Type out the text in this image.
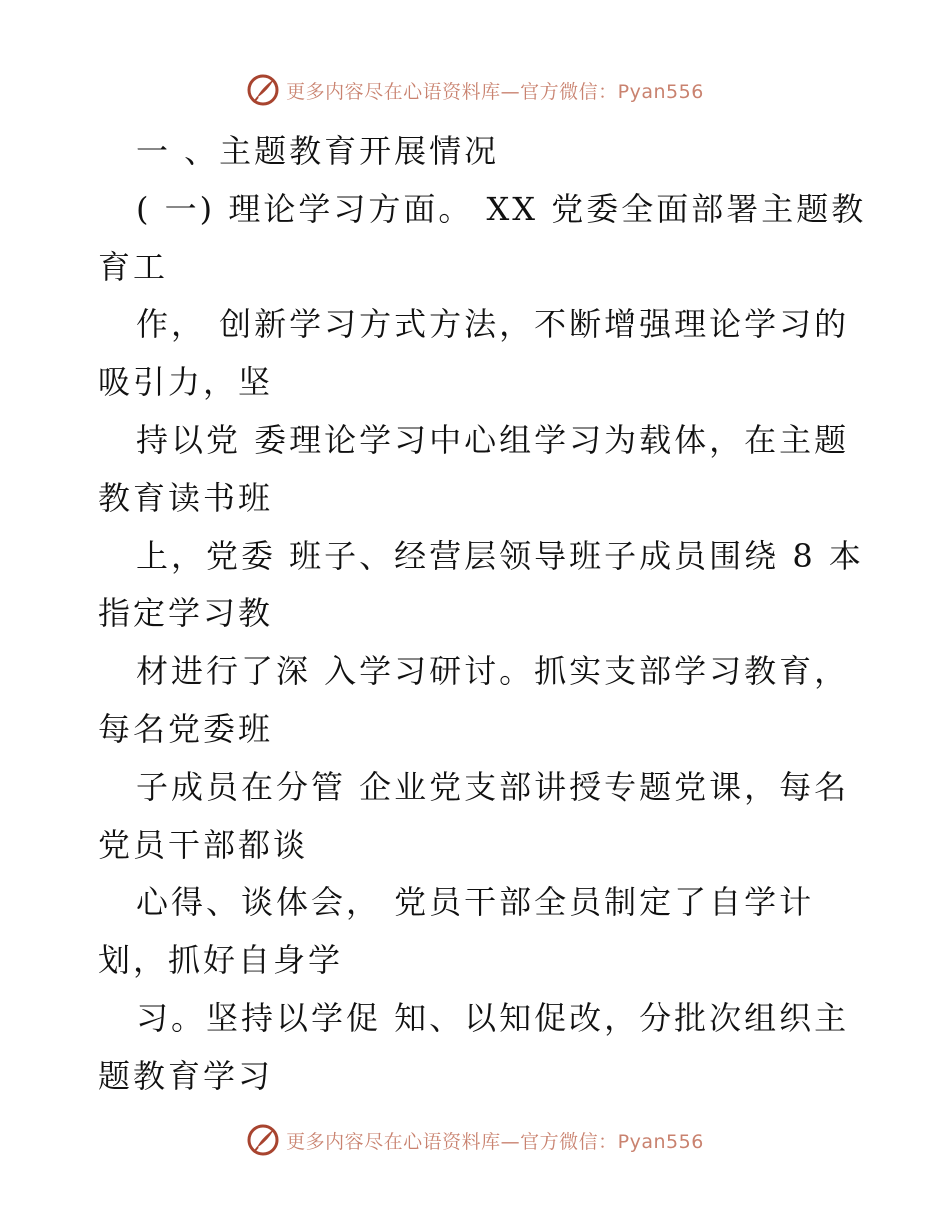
更多内容尽在心语资料库—官方微信：Pyan556
一 、主题教育开展情况
( 一) 理论学习方面。 XX 党委全面部署主题教
育工
作， 创新学习方式方法，不断增强理论学习的
吸引力，坚
持以党 委理论学习中心组学习为载体，在主题
教育读书班
上，党委 班子、经营层领导班子成员围绕 8 本
指定学习教
材进行了深 入学习研讨。抓实支部学习教育，
每名党委班
子成员在分管 企业党支部讲授专题党课，每名
党员干部都谈
心得、谈体会， 党员干部全员制定了自学计
划，抓好自身学
习。坚持以学促 知、以知促改，分批次组织主
题教育学习
更多内容尽在心语资料库—官方微信：Pyan556
